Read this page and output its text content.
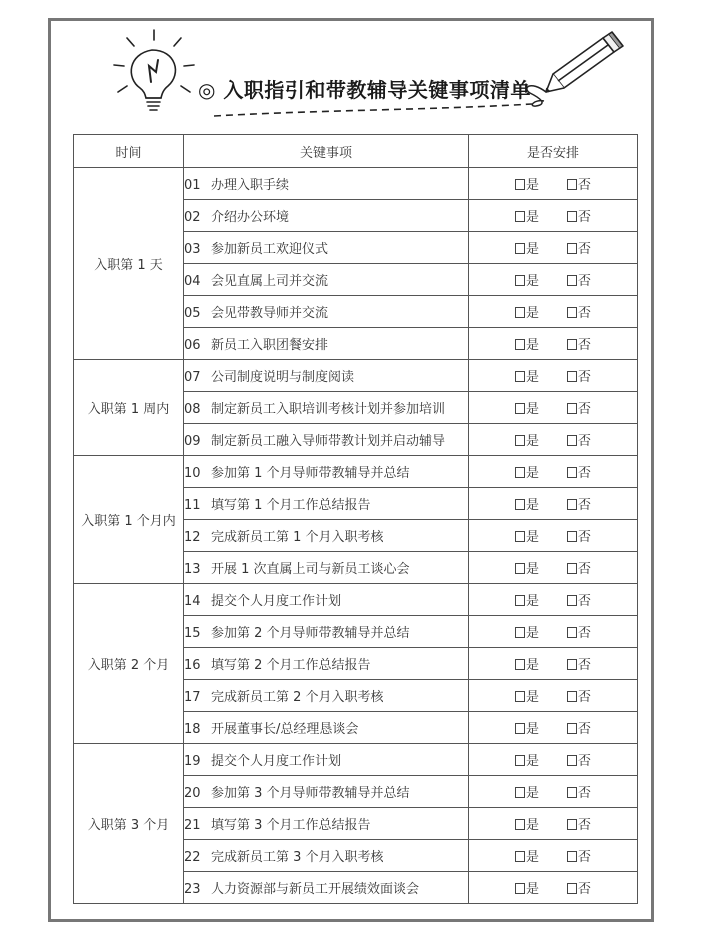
◎ 入职指引和带教辅导关键事项清单
时间	关键事项	是否安排
入职第 1 天	01 办理入职手续	是 否
	02 介绍办公环境	是 否
	03 参加新员工欢迎仪式	是 否
	04 会见直属上司并交流	是 否
	05 会见带教导师并交流	是 否
	06 新员工入职团餐安排	是 否
入职第 1 周内	07 公司制度说明与制度阅读	是 否
	08 制定新员工入职培训考核计划并参加培训	是 否
	09 制定新员工融入导师带教计划并启动辅导	是 否
入职第 1 个月内	10 参加第 1 个月导师带教辅导并总结	是 否
	11 填写第 1 个月工作总结报告	是 否
	12 完成新员工第 1 个月入职考核	是 否
	13 开展 1 次直属上司与新员工谈心会	是 否
入职第 2 个月	14 提交个人月度工作计划	是 否
	15 参加第 2 个月导师带教辅导并总结	是 否
	16 填写第 2 个月工作总结报告	是 否
	17 完成新员工第 2 个月入职考核	是 否
	18 开展董事长/总经理恳谈会	是 否
入职第 3 个月	19 提交个人月度工作计划	是 否
	20 参加第 3 个月导师带教辅导并总结	是 否
	21 填写第 3 个月工作总结报告	是 否
	22 完成新员工第 3 个月入职考核	是 否
	23 人力资源部与新员工开展绩效面谈会	是 否
